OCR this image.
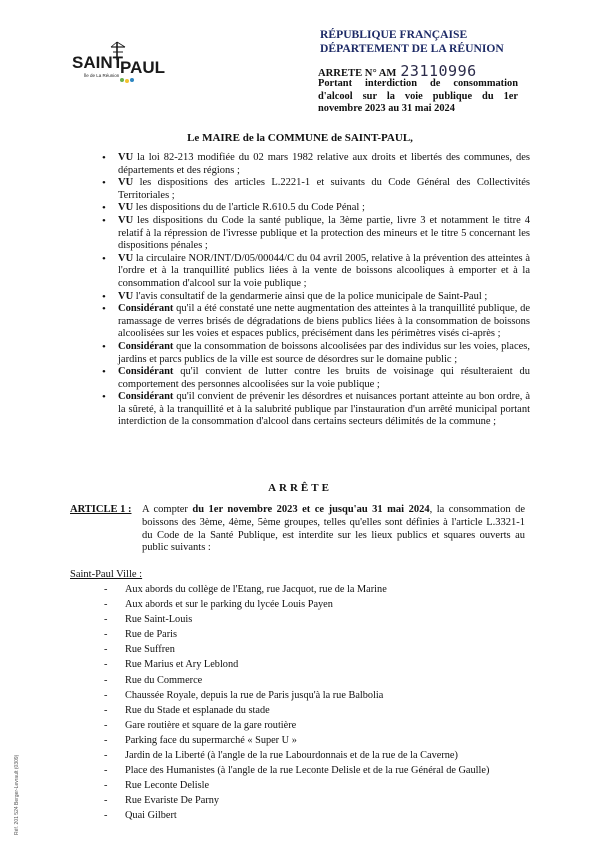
SAINT
PAUL
Île de La Réunion
RÉPUBLIQUE FRANÇAISE
DÉPARTEMENT DE LA RÉUNION
ARRETE N° AM 23110996
Portant interdiction de consommation d'alcool sur la voie publique du 1er novembre 2023 au 31 mai 2024
Le MAIRE de la COMMUNE de SAINT-PAUL,
• VU la loi 82-213 modifiée du 02 mars 1982 relative aux droits et libertés des communes, des départements et des régions ;
• VU les dispositions des articles L.2221-1 et suivants du Code Général des Collectivités Territoriales ;
• VU les dispositions du de l'article R.610.5 du Code Pénal ;
• VU les dispositions du Code la santé publique, la 3ème partie, livre 3 et notamment le titre 4 relatif à la répression de l'ivresse publique et la protection des mineurs et le titre 5 concernant les dispositions pénales ;
• VU la circulaire NOR/INT/D/05/00044/C du 04 avril 2005, relative à la prévention des atteintes à l'ordre et à la tranquillité publics liées à la vente de boissons alcooliques à emporter et à la consommation d'alcool sur la voie publique ;
• VU l'avis consultatif de la gendarmerie ainsi que de la police municipale de Saint-Paul ;
• Considérant qu'il a été constaté une nette augmentation des atteintes à la tranquillité publique, de ramassage de verres brisés de dégradations de biens publics liées à la consommation de boissons alcoolisées sur les voies et espaces publics, précisément dans les périmètres visés ci-après ;
• Considérant que la consommation de boissons alcoolisées par des individus sur les voies, places, jardins et parcs publics de la ville est source de désordres sur le domaine public ;
• Considérant qu'il convient de lutter contre les bruits de voisinage qui résulteraient du comportement des personnes alcoolisées sur la voie publique ;
• Considérant qu'il convient de prévenir les désordres et nuisances portant atteinte au bon ordre, à la sûreté, à la tranquillité et à la salubrité publique par l'instauration d'un arrêté municipal portant interdiction de la consommation d'alcool dans certains secteurs délimités de la commune ;
ARRÊTE
ARTICLE 1 : A compter du 1er novembre 2023 et ce jusqu'au 31 mai 2024, la consommation de boissons des 3ème, 4ème, 5ème groupes, telles qu'elles sont définies à l'article L.3321-1 du Code de la Santé Publique, est interdite sur les lieux publics et squares ouverts au public suivants :
Saint-Paul Ville :
- Aux abords du collège de l'Etang, rue Jacquot, rue de la Marine
- Aux abords et sur le parking du lycée Louis Payen
- Rue Saint-Louis
- Rue de Paris
- Rue Suffren
- Rue Marius et Ary Leblond
- Rue du Commerce
- Chaussée Royale, depuis la rue de Paris jusqu'à la rue Balbolia
- Rue du Stade et esplanade du stade
- Gare routière et square de la gare routière
- Parking face du supermarché « Super U »
- Jardin de la Liberté (à l'angle de la rue Labourdonnais et de la rue de la Caverne)
- Place des Humanistes (à l'angle de la rue Leconte Delisle et de la rue Général de Gaulle)
- Rue Leconte Delisle
- Rue Evariste De Parny
- Quai Gilbert
Réf. 201 524 Berger-Levrault (0309)
